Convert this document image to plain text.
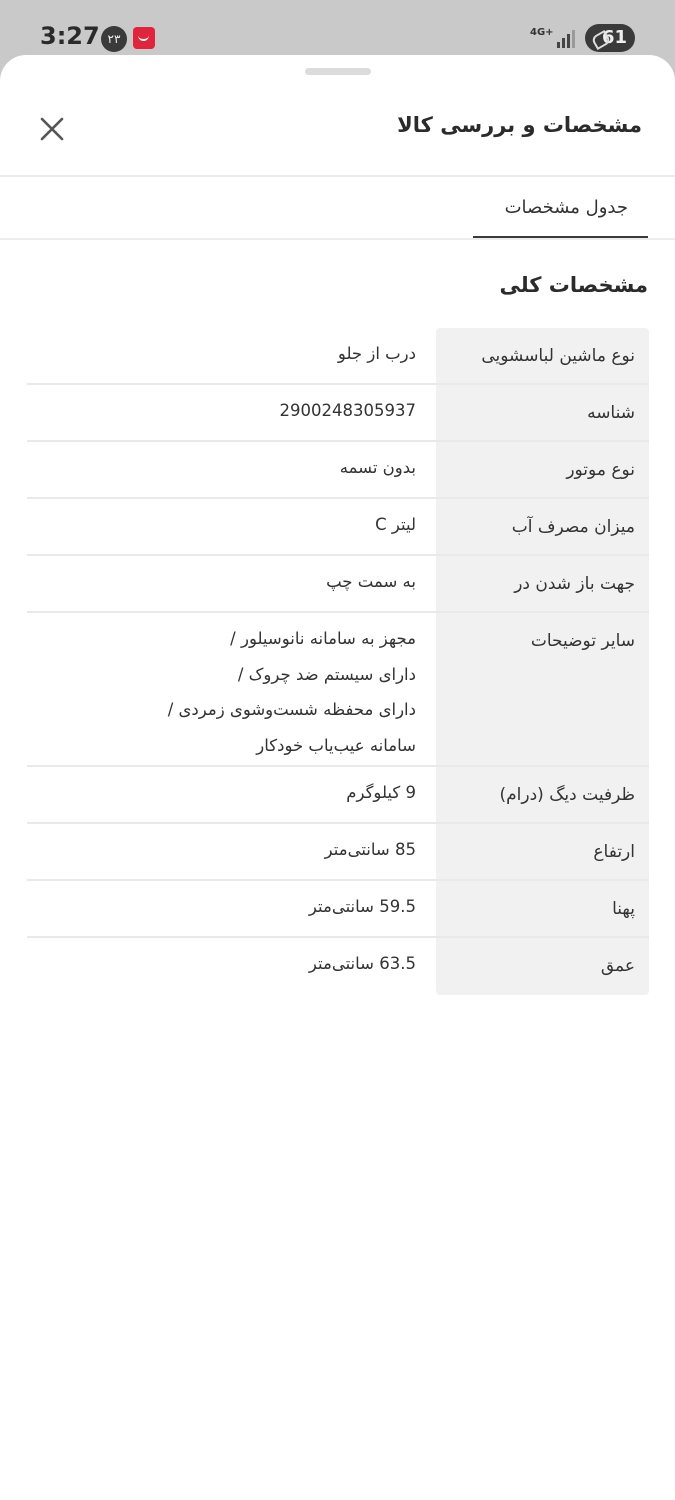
3:27 ۲۳	4G+	61
مشخصات و بررسی کالا
جدول مشخصات
مشخصات کلی
نوع ماشین لباسشویی
درب از جلو
شناسه
2900248305937
نوع موتور
بدون تسمه
میزان مصرف آب
لیتر C
جهت باز شدن در
به سمت چپ
سایر توضیحات
مجهز به سامانه نانوسیلور /
دارای سیستم ضد چروک /
دارای محفظه شست‌وشوی زمردی /
سامانه عیب‌یاب خودکار
ظرفیت دیگ (درام)
9 کیلوگرم
ارتفاع
85 سانتی‌متر
پهنا
59.5 سانتی‌متر
عمق
63.5 سانتی‌متر
